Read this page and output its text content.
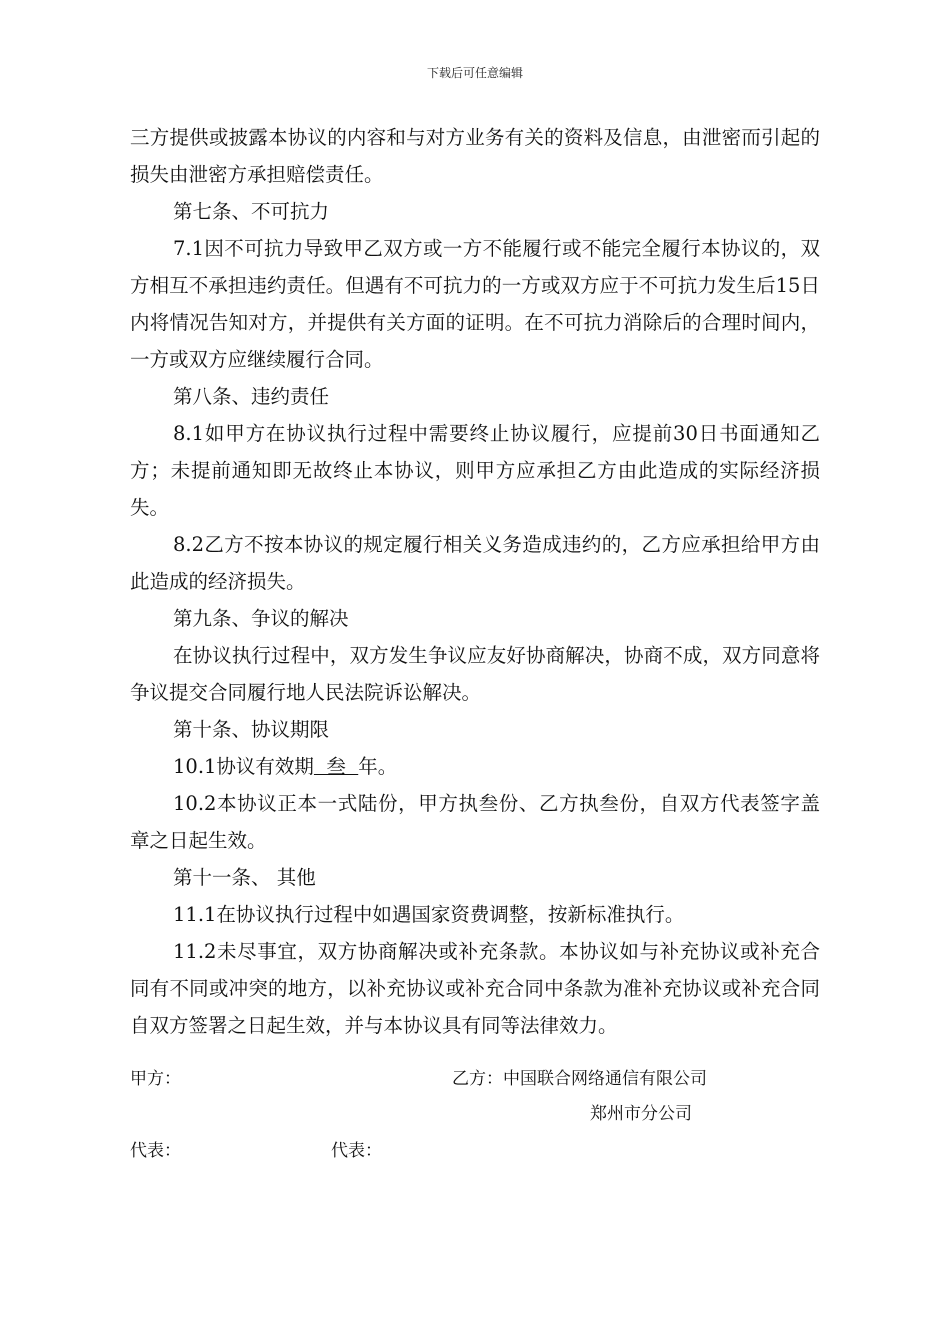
下载后可任意编辑

三方提供或披露本协议的内容和与对方业务有关的资料及信息，由泄密而引起的损失由泄密方承担赔偿责任。

第七条、不可抗力

7.1因不可抗力导致甲乙双方或一方不能履行或不能完全履行本协议的，双方相互不承担违约责任。但遇有不可抗力的一方或双方应于不可抗力发生后15日内将情况告知对方，并提供有关方面的证明。在不可抗力消除后的合理时间内，一方或双方应继续履行合同。

第八条、违约责任

8.1如甲方在协议执行过程中需要终止协议履行，应提前30日书面通知乙方；未提前通知即无故终止本协议，则甲方应承担乙方由此造成的实际经济损失。

8.2乙方不按本协议的规定履行相关义务造成违约的，乙方应承担给甲方由此造成的经济损失。

第九条、争议的解决

在协议执行过程中，双方发生争议应友好协商解决，协商不成，双方同意将争议提交合同履行地人民法院诉讼解决。

第十条、协议期限

10.1协议有效期  叁  年。

10.2本协议正本一式陆份，甲方执叁份、乙方执叁份，自双方代表签字盖章之日起生效。

第十一条、 其他

11.1在协议执行过程中如遇国家资费调整，按新标准执行。

11.2未尽事宜，双方协商解决或补充条款。本协议如与补充协议或补充合同有不同或冲突的地方，以补充协议或补充合同中条款为准补充协议或补充合同自双方签署之日起生效，并与本协议具有同等法律效力。

甲方：	乙方：中国联合网络通信有限公司
郑州市分公司
代表：	代表：
